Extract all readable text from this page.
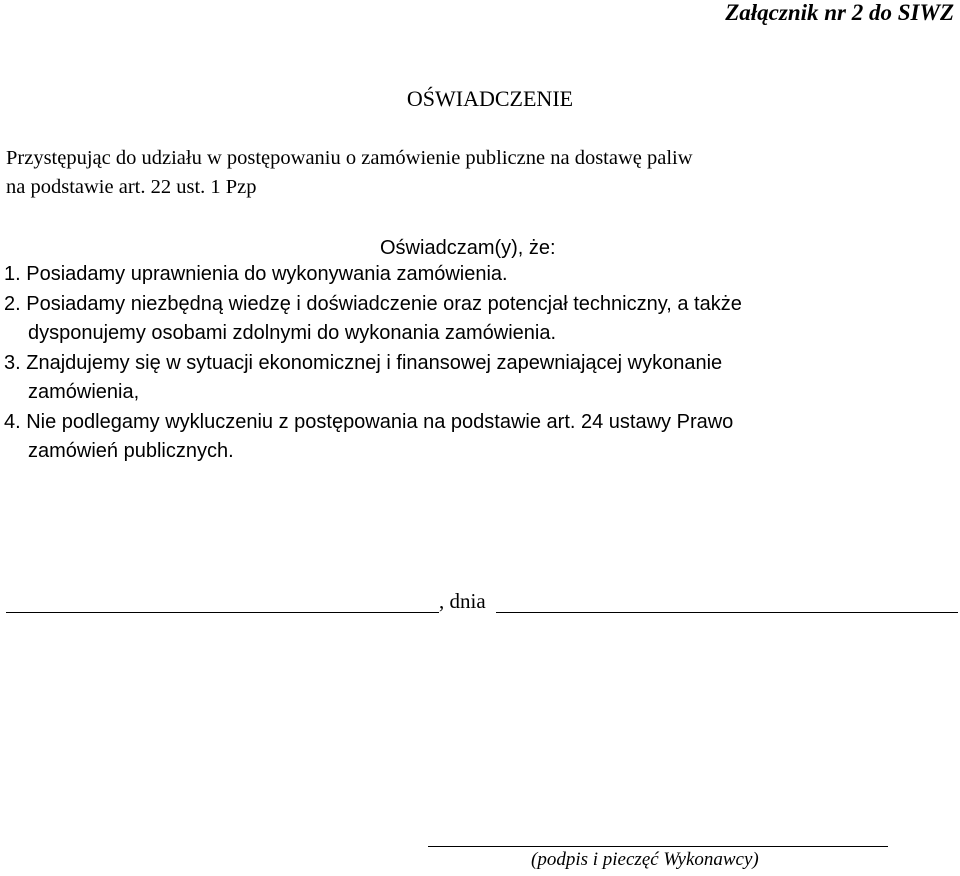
Załącznik nr 2 do SIWZ
OŚWIADCZENIE
Przystępując do udziału w postępowaniu o zamówienie publiczne na dostawę paliw
na podstawie art. 22 ust. 1 Pzp
Oświadczam(y), że:
1. Posiadamy uprawnienia do wykonywania zamówienia.
2. Posiadamy niezbędną wiedzę i doświadczenie oraz potencjał techniczny, a także
dysponujemy osobami zdolnymi do wykonania zamówienia.
3. Znajdujemy się w sytuacji ekonomicznej i finansowej zapewniającej wykonanie
zamówienia,
4. Nie podlegamy wykluczeniu z postępowania na podstawie art. 24 ustawy Prawo
zamówień publicznych.
, dnia
(podpis i pieczęć Wykonawcy)
